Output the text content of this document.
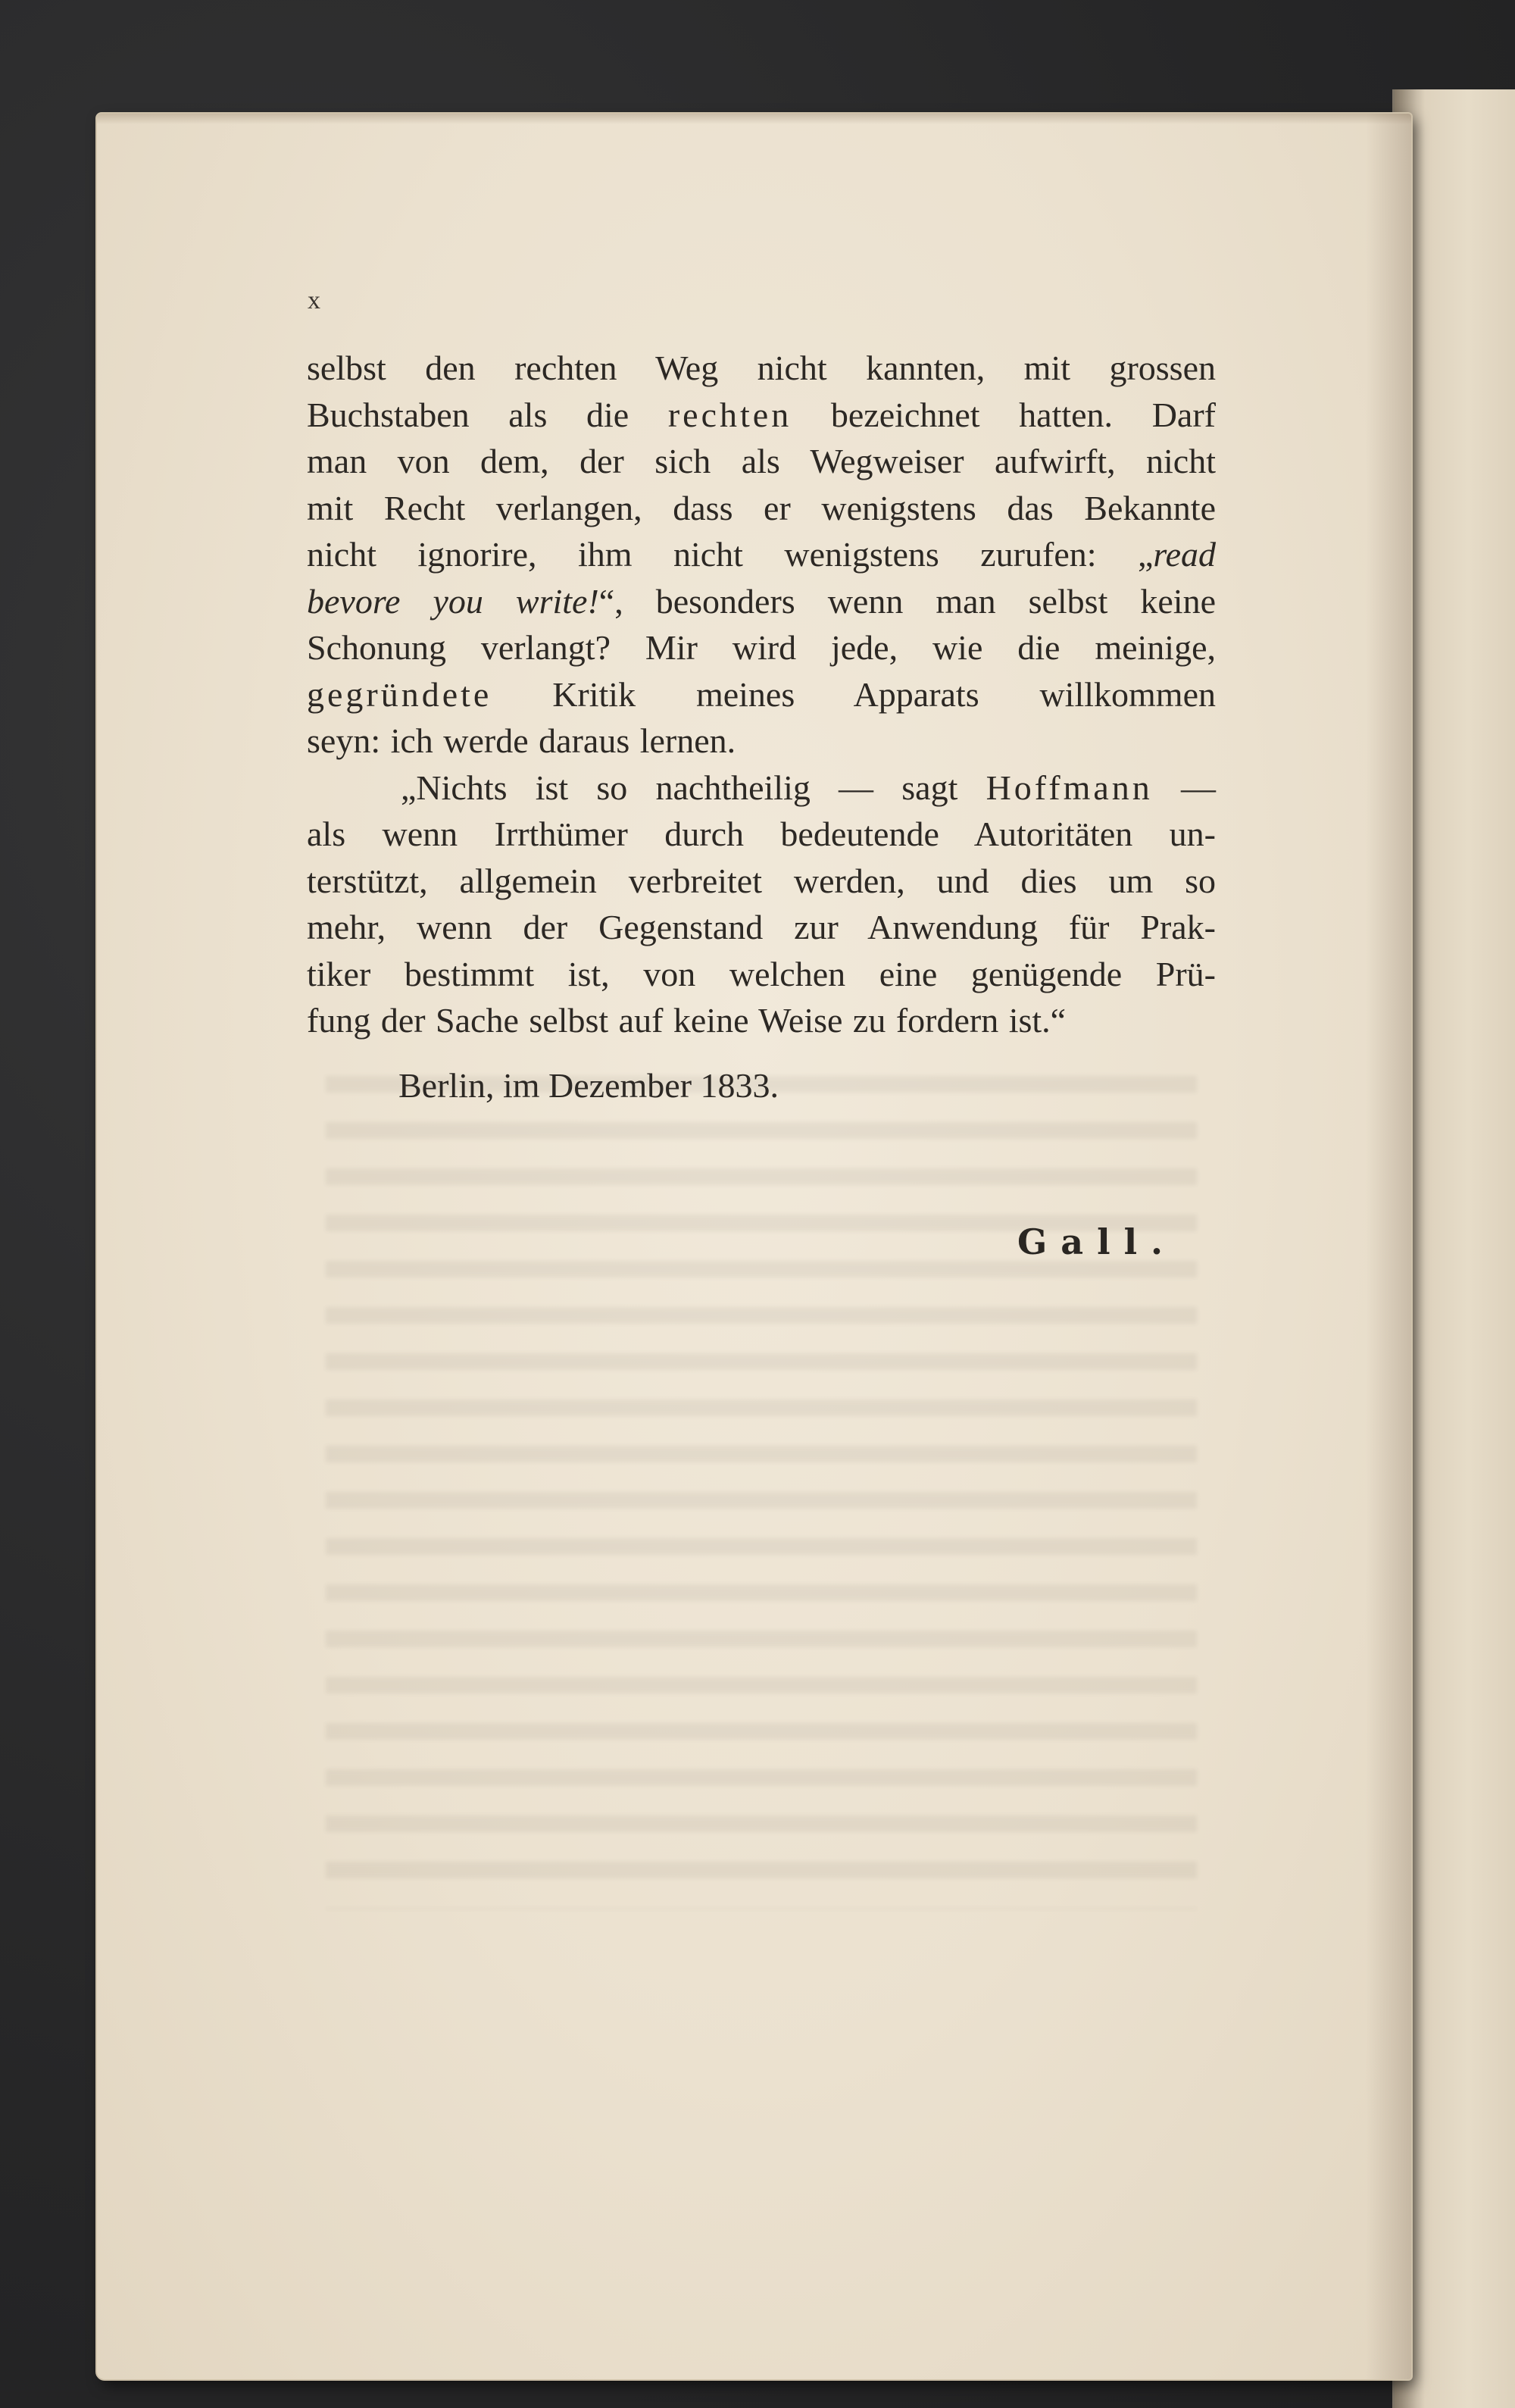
x
selbst den rechten Weg nicht kannten, mit grossen
Buchstaben als die rechten bezeichnet hatten. Darf
man von dem, der sich als Wegweiser aufwirft, nicht
mit Recht verlangen, dass er wenigstens das Bekannte
nicht ignorire, ihm nicht wenigstens zurufen: „read
bevore you write!“, besonders wenn man selbst keine
Schonung verlangt? Mir wird jede, wie die meinige,
gegründete Kritik meines Apparats willkommen
seyn: ich werde daraus lernen.
„Nichts ist so nachtheilig — sagt Hoffmann —
als wenn Irrthümer durch bedeutende Autoritäten un-
terstützt, allgemein verbreitet werden, und dies um so
mehr, wenn der Gegenstand zur Anwendung für Prak-
tiker bestimmt ist, von welchen eine genügende Prü-
fung der Sache selbst auf keine Weise zu fordern ist.“
Berlin, im Dezember 1833.
Gall.
